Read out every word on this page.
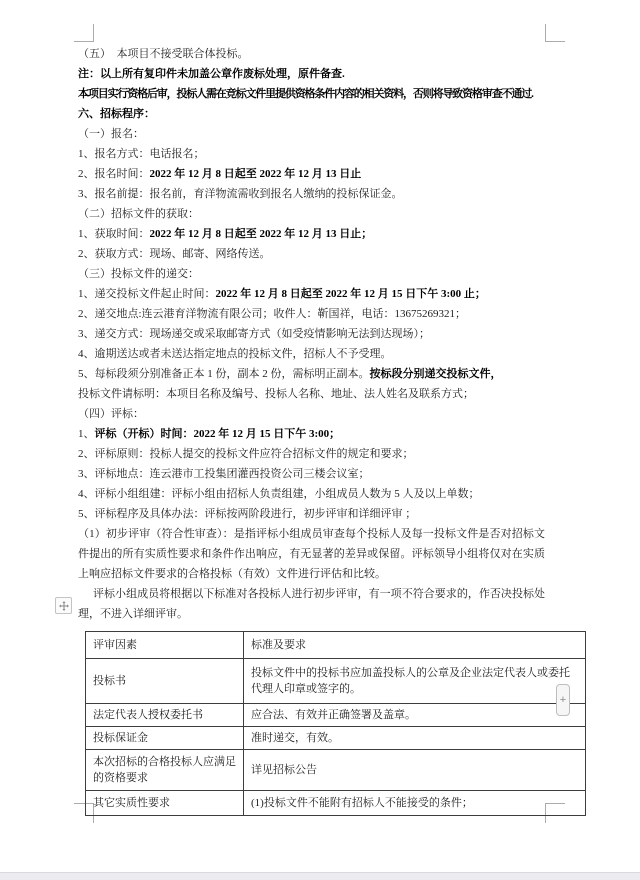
（五）　本项目不接受联合体投标。

注：以上所有复印件未加盖公章作废标处理，原件备查.

本项目实行资格后审，投标人需在竞标文件里提供资格条件内容的相关资料，否则将导致资格审查不通过.

六、招标程序：

（一）报名：

1、报名方式：电话报名；

2、报名时间：2022 年 12 月 8 日起至 2022 年 12 月 13 日止

3、报名前提：报名前，育洋物流需收到报名人缴纳的投标保证金。

（二）招标文件的获取：

1、获取时间：2022 年 12 月 8 日起至 2022 年 12 月 13 日止；

2、获取方式：现场、邮寄、网络传送。

（三）投标文件的递交：

1、递交投标文件起止时间：2022 年 12 月 8 日起至 2022 年 12 月 15 日下午 3:00 止；

2、递交地点:连云港育洋物流有限公司；收件人：靳国祥，电话：13675269321；

3、递交方式：现场递交或采取邮寄方式（如受疫情影响无法到达现场）；

4、逾期送达或者未送达指定地点的投标文件，招标人不予受理。

5、每标段须分别准备正本 1 份，副本 2 份，需标明正副本。按标段分别递交投标文件，

投标文件请标明：本项目名称及编号、投标人名称、地址、法人姓名及联系方式；

（四）评标：

1、评标（开标）时间：2022 年 12 月 15 日下午 3:00；

2、评标原则：投标人提交的投标文件应符合招标文件的规定和要求；

3、评标地点：连云港市工投集团灌西投资公司三楼会议室；

4、评标小组组建：评标小组由招标人负责组建，小组成员人数为 5 人及以上单数；

5、评标程序及具体办法：评标按两阶段进行，初步评审和详细评审 ；

（1）初步评审（符合性审查）：是指评标小组成员审查每个投标人及每一投标文件是否对招标文件提出的所有实质性要求和条件作出响应，有无显著的差异或保留。评标领导小组将仅对在实质上响应招标文件要求的合格投标（有效）文件进行评估和比较。

评标小组成员将根据以下标准对各投标人进行初步评审，有一项不符合要求的，作否决投标处理，不进入详细评审。

评审因素	标准及要求
投标书	投标文件中的投标书应加盖投标人的公章及企业法定代表人或委托代理人印章或签字的。
法定代表人授权委托书	应合法、有效并正确签署及盖章。
投标保证金	准时递交，有效。
本次招标的合格投标人应满足的资格要求	详见招标公告
其它实质性要求	(1)投标文件不能附有招标人不能接受的条件；
+
